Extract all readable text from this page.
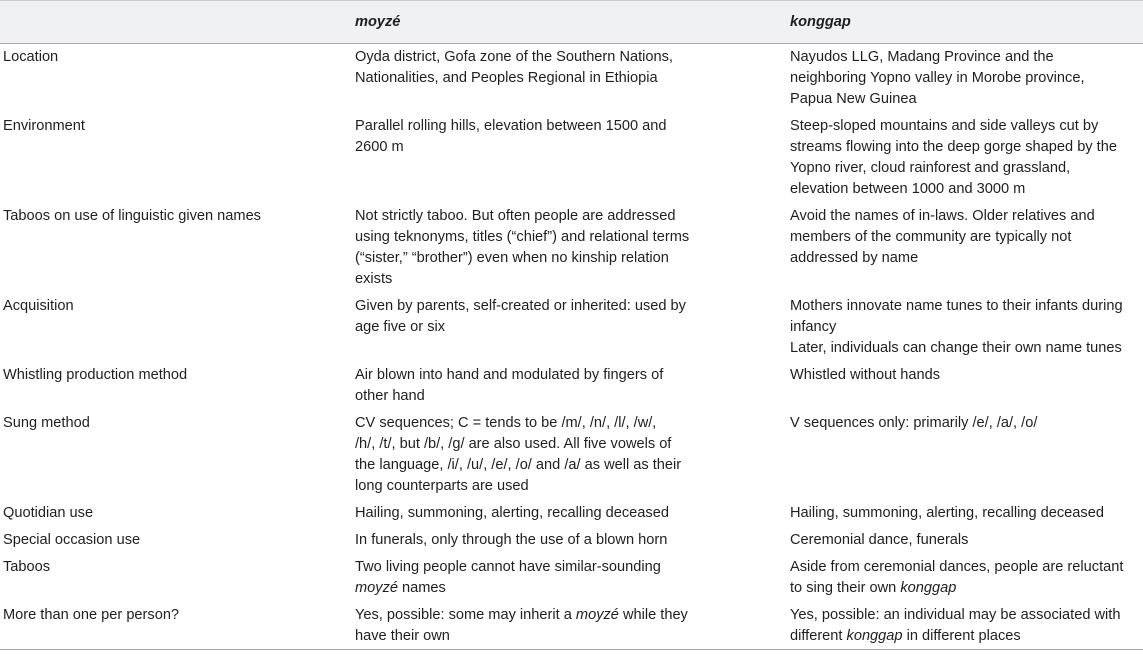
	moyzé	konggap
Location	Oyda district, Gofa zone of the Southern Nations,
Nationalities, and Peoples Regional in Ethiopia	Nayudos LLG, Madang Province and the
neighboring Yopno valley in Morobe province,
Papua New Guinea
Environment	Parallel rolling hills, elevation between 1500 and
2600 m	Steep-sloped mountains and side valleys cut by
streams flowing into the deep gorge shaped by the
Yopno river, cloud rainforest and grassland,
elevation between 1000 and 3000 m
Taboos on use of linguistic given names	Not strictly taboo. But often people are addressed
using teknonyms, titles (“chief”) and relational terms
(“sister,” “brother”) even when no kinship relation
exists	Avoid the names of in-laws. Older relatives and
members of the community are typically not
addressed by name
Acquisition	Given by parents, self-created or inherited: used by
age five or six	Mothers innovate name tunes to their infants during
infancy
Later, individuals can change their own name tunes
Whistling production method	Air blown into hand and modulated by fingers of
other hand	Whistled without hands
Sung method	CV sequences; C = tends to be /m/, /n/, /l/, /w/,
/h/, /t/, but /b/, /g/ are also used. All five vowels of
the language, /i/, /u/, /e/, /o/ and /a/ as well as their
long counterparts are used	V sequences only: primarily /e/, /a/, /o/
Quotidian use	Hailing, summoning, alerting, recalling deceased	Hailing, summoning, alerting, recalling deceased
Special occasion use	In funerals, only through the use of a blown horn	Ceremonial dance, funerals
Taboos	Two living people cannot have similar-sounding
moyzé names	Aside from ceremonial dances, people are reluctant
to sing their own konggap
More than one per person?	Yes, possible: some may inherit a moyzé while they
have their own	Yes, possible: an individual may be associated with
different konggap in different places
